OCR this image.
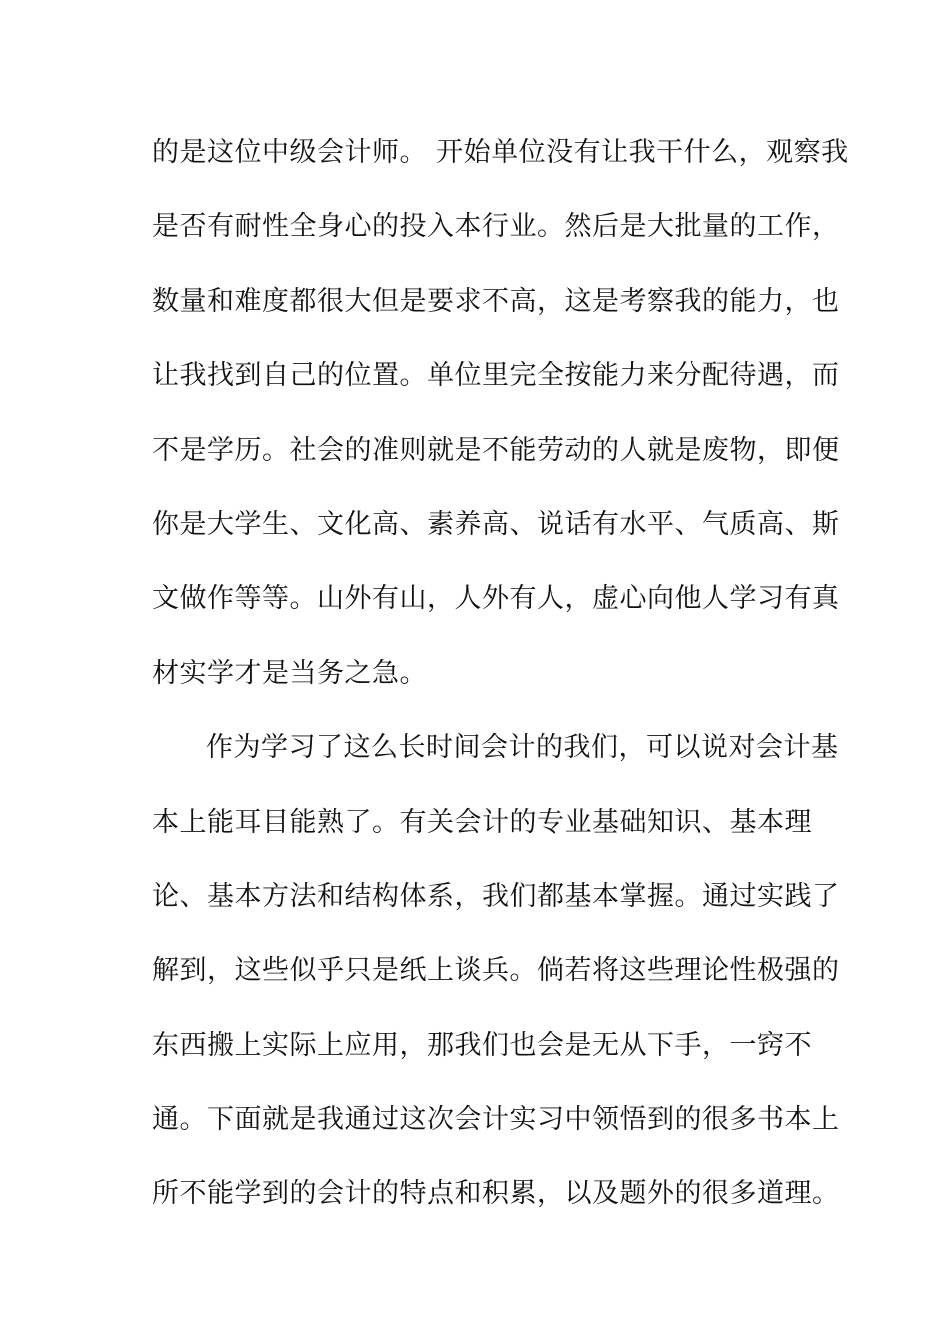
的是这位中级会计师。 开始单位没有让我干什么，观察我
是否有耐性全身心的投入本行业。然后是大批量的工作，
数量和难度都很大但是要求不高，这是考察我的能力，也
让我找到自己的位置。单位里完全按能力来分配待遇，而
不是学历。社会的准则就是不能劳动的人就是废物，即便
你是大学生、文化高、素养高、说话有水平、气质高、斯
文做作等等。山外有山，人外有人，虚心向他人学习有真
材实学才是当务之急。
作为学习了这么长时间会计的我们，可以说对会计基
本上能耳目能熟了。有关会计的专业基础知识、基本理
论、基本方法和结构体系，我们都基本掌握。通过实践了
解到，这些似乎只是纸上谈兵。倘若将这些理论性极强的
东西搬上实际上应用，那我们也会是无从下手，一窍不
通。下面就是我通过这次会计实习中领悟到的很多书本上
所不能学到的会计的特点和积累，以及题外的很多道理。
